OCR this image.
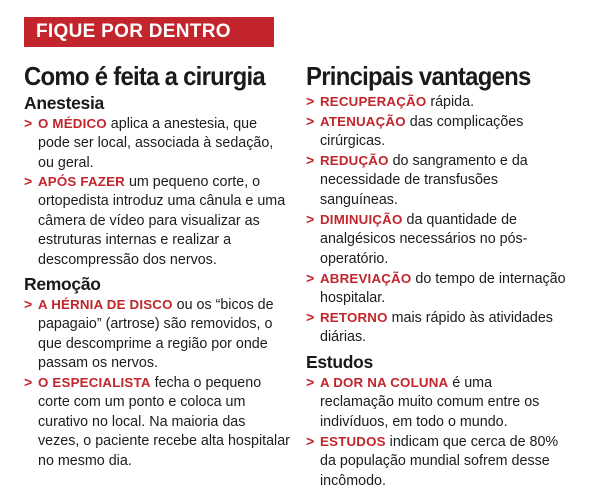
FIQUE POR DENTRO
Como é feita a cirurgia
Anestesia

> O MÉDICO aplica a anestesia, que pode ser local, associada à sedação, ou geral.

> APÓS FAZER um pequeno corte, o ortopedista introduz uma cânula e uma câmera de vídeo para visualizar as estruturas internas e realizar a descompressão dos nervos.

Remoção

> A HÉRNIA DE DISCO ou os “bicos de papagaio” (artrose) são removidos, o que descomprime a região por onde passam os nervos.

> O ESPECIALISTA fecha o pequeno corte com um ponto e coloca um curativo no local. Na maioria das vezes, o paciente recebe alta hospitalar no mesmo dia.

Principais vantagens

> RECUPERAÇÃO rápida.

> ATENUAÇÃO das complicações cirúrgicas.

> REDUÇÃO do sangramento e da necessidade de transfusões sanguíneas.

> DIMINUIÇÃO da quantidade de analgésicos necessários no pós-operatório.

> ABREVIAÇÃO do tempo de internação hospitalar.

> RETORNO mais rápido às atividades diárias.

Estudos

> A DOR NA COLUNA é uma reclamação muito comum entre os indivíduos, em todo o mundo.

> ESTUDOS indicam que cerca de 80% da população mundial sofrem desse incômodo.
